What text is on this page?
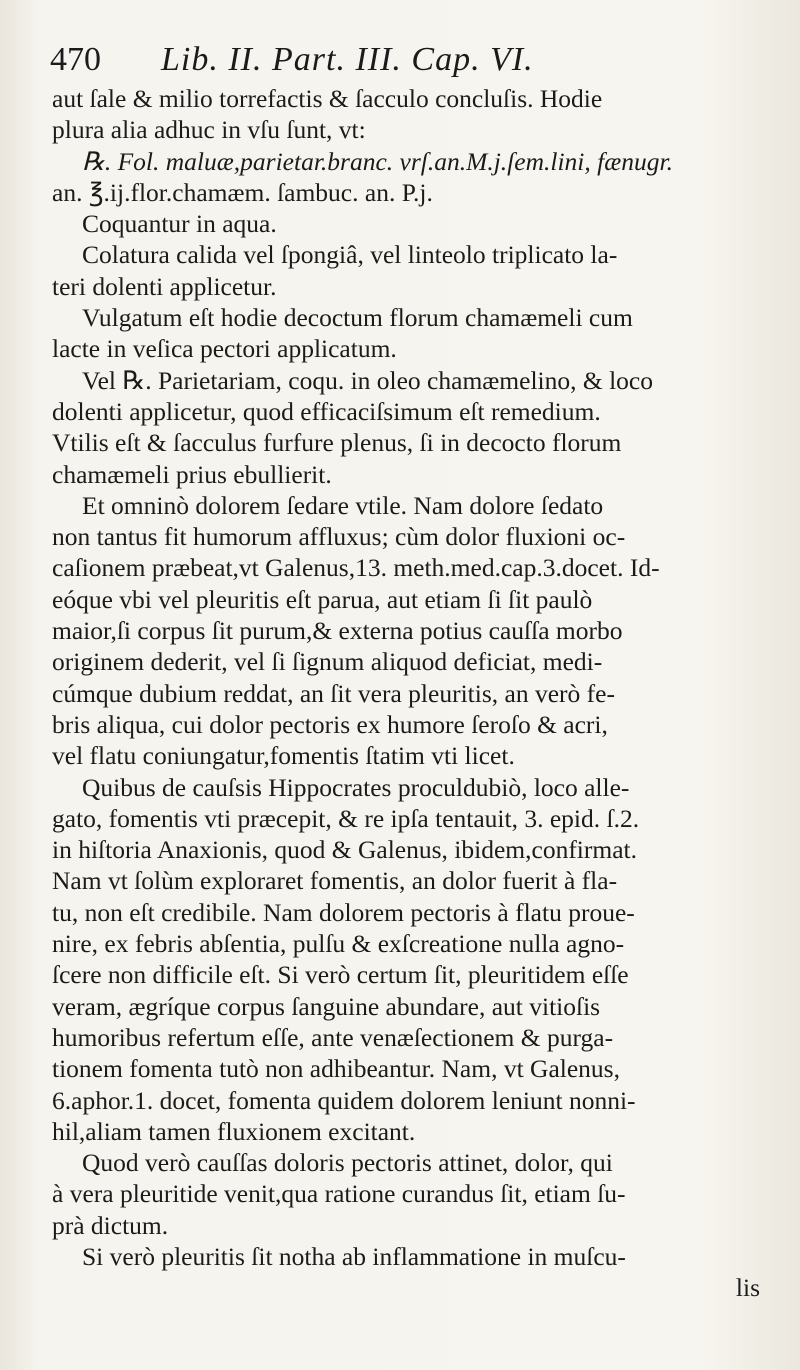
470 Lib. II. Part. III. Cap. VI.
aut ſale & milio torrefactis & ſacculo concluſis. Hodie
plura alia adhuc in vſu ſunt, vt:
℞. Fol. maluæ,parietar.branc. vrſ.an.M.j.ſem.lini, fænugr.
an. ℥.ij.flor.chamæm. ſambuc. an. P.j.
Coquantur in aqua.
Colatura calida vel ſpongiâ, vel linteolo triplicato la-
teri dolenti applicetur.
Vulgatum eſt hodie decoctum florum chamæmeli cum
lacte in veſica pectori applicatum.
Vel ℞. Parietariam, coqu. in oleo chamæmelino, & loco
dolenti applicetur, quod efficaciſsimum eſt remedium.
Vtilis eſt & ſacculus furfure plenus, ſi in decocto florum
chamæmeli prius ebullierit.
Et omninò dolorem ſedare vtile. Nam dolore ſedato
non tantus fit humorum affluxus; cùm dolor fluxioni oc-
caſionem præbeat,vt Galenus,13. meth.med.cap.3.docet. Id-
eóque vbi vel pleuritis eſt parua, aut etiam ſi ſit paulò
maior,ſi corpus ſit purum,& externa potius cauſſa morbo
originem dederit, vel ſi ſignum aliquod deficiat, medi-
cúmque dubium reddat, an ſit vera pleuritis, an verò fe-
bris aliqua, cui dolor pectoris ex humore ſeroſo & acri,
vel flatu coniungatur,fomentis ſtatim vti licet.
Quibus de cauſsis Hippocrates proculdubiò, loco alle-
gato, fomentis vti præcepit, & re ipſa tentauit, 3. epid. ſ.2.
in hiſtoria Anaxionis, quod & Galenus, ibidem,confirmat.
Nam vt ſolùm exploraret fomentis, an dolor fuerit à fla-
tu, non eſt credibile. Nam dolorem pectoris à flatu proue-
nire, ex febris abſentia, pulſu & exſcreatione nulla agno-
ſcere non difficile eſt. Si verò certum ſit, pleuritidem eſſe
veram, ægríque corpus ſanguine abundare, aut vitioſis
humoribus refertum eſſe, ante venæſectionem & purga-
tionem fomenta tutò non adhibeantur. Nam, vt Galenus,
6.aphor.1. docet, fomenta quidem dolorem leniunt nonni-
hil,aliam tamen fluxionem excitant.
Quod verò cauſſas doloris pectoris attinet, dolor, qui
à vera pleuritide venit,qua ratione curandus ſit, etiam ſu-
prà dictum.
Si verò pleuritis ſit notha ab inflammatione in muſcu-
lis
